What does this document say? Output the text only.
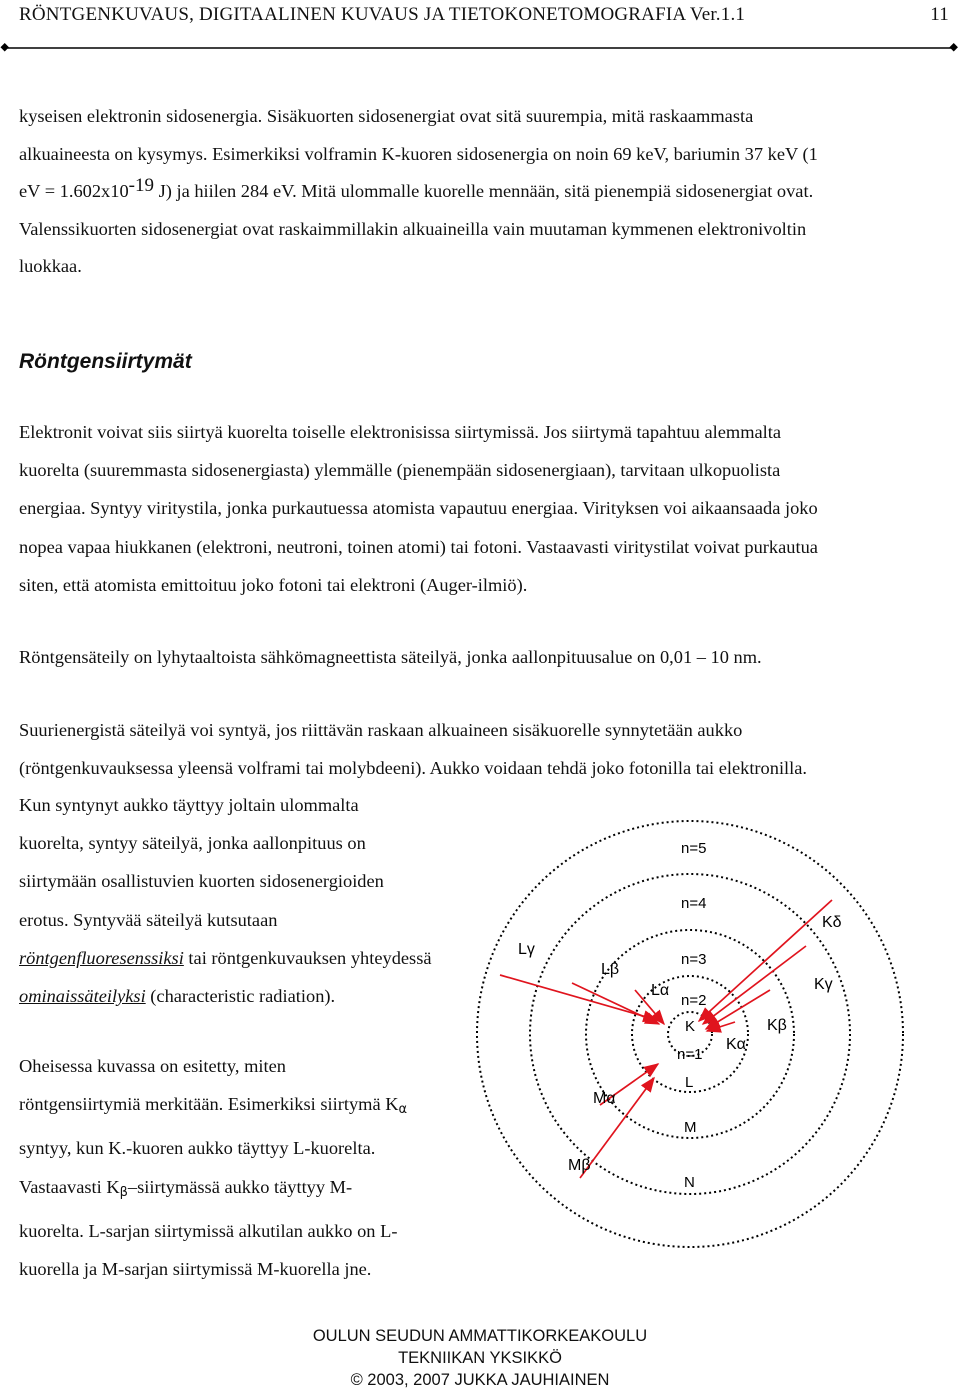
RÖNTGENKUVAUS, DIGITAALINEN KUVAUS JA TIETOKONETOMOGRAFIA Ver.1.1	11
kyseisen elektronin sidosenergia. Sisäkuorten sidosenergiat ovat sitä suurempia, mitä raskaammasta
alkuaineesta on kysymys. Esimerkiksi volframin K-kuoren sidosenergia on noin 69 keV, bariumin 37 keV (1
eV = $1.602x10^{-19}$ J) ja hiilen 284 eV. Mitä ulommalle kuorelle mennään, sitä pienempiä sidosenergiat ovat.
Valenssikuorten sidosenergiat ovat raskaimmillakin alkuaineilla vain muutaman kymmenen elektronivoltin
luokkaa.
Röntgensiirtymät
Elektronit voivat siis siirtyä kuorelta toiselle elektronisissa siirtymissä. Jos siirtymä tapahtuu alemmalta
kuorelta (suuremmasta sidosenergiasta) ylemmälle (pienempään sidosenergiaan), tarvitaan ulkopuolista
energiaa. Syntyy viritystila, jonka purkautuessa atomista vapautuu energiaa. Virityksen voi aikaansaada joko
nopea vapaa hiukkanen (elektroni, neutroni, toinen atomi) tai fotoni. Vastaavasti viritystilat voivat purkautua
siten, että atomista emittoituu joko fotoni tai elektroni (Auger-ilmiö).
Röntgensäteily on lyhytaaltoista sähkömagneettista säteilyä, jonka aallonpituusalue on 0,01 – 10 nm.
Suurienergistä säteilyä voi syntyä, jos riittävän raskaan alkuaineen sisäkuorelle synnytetään aukko
(röntgenkuvauksessa yleensä volframi tai molybdeeni). Aukko voidaan tehdä joko fotonilla tai elektronilla.
Kun syntynyt aukko täyttyy joltain ulommalta
kuorelta, syntyy säteilyä, jonka aallonpituus on
siirtymään osallistuvien kuorten sidosenergioiden
erotus. Syntyvää säteilyä kutsutaan
röntgenfluoresenssiksi tai röntgenkuvauksen yhteydessä
ominaissäteilyksi (characteristic radiation).
Oheisessa kuvassa on esitetty, miten
röntgensiirtymiä merkitään. Esimerkiksi siirtymä Kα
syntyy, kun K.-kuoren aukko täyttyy L-kuorelta.
Vastaavasti Kβ–siirtymässä aukko täyttyy M-
kuorelta. L-sarjan siirtymissä alkutilan aukko on L-
kuorella ja M-sarjan siirtymissä M-kuorella jne.
n=5
n=4
n=3
n=2
n=1
K
L
M
N
Kδ
Kγ
Kβ
Kα
Lγ
Lβ
Lα
Mα
Mβ
OULUN SEUDUN AMMATTIKORKEAKOULU
TEKNIIKAN YKSIKKÖ
© 2003, 2007 JUKKA JAUHIAINEN
